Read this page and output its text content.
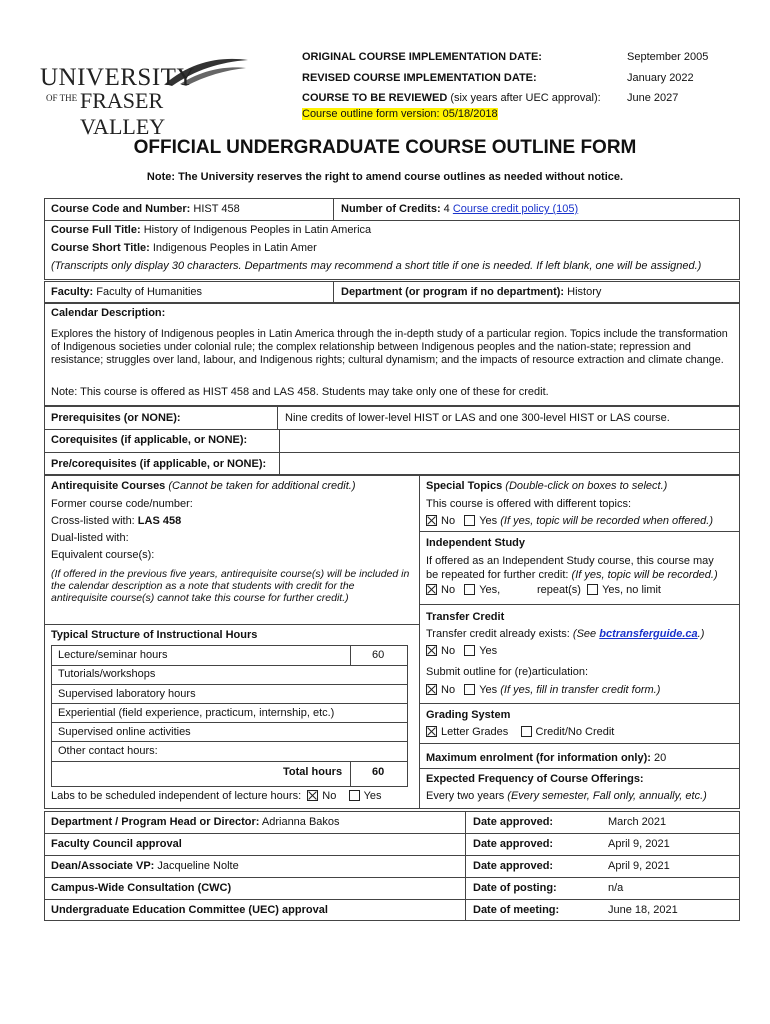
UNIVERSITY
OF THE FRASER VALLEY
ORIGINAL COURSE IMPLEMENTATION DATE:	September 2005
REVISED COURSE IMPLEMENTATION DATE:	January 2022
COURSE TO BE REVIEWED (six years after UEC approval): June 2027
Course outline form version: 05/18/2018
OFFICIAL UNDERGRADUATE COURSE OUTLINE FORM
Note: The University reserves the right to amend course outlines as needed without notice.
Course Code and Number: HIST 458	Number of Credits: 4 Course credit policy (105)
Course Full Title: History of Indigenous Peoples in Latin America
Course Short Title: Indigenous Peoples in Latin Amer
(Transcripts only display 30 characters. Departments may recommend a short title if one is needed. If left blank, one will be assigned.)
Faculty: Faculty of Humanities	Department (or program if no department): History
Calendar Description:
Explores the history of Indigenous peoples in Latin America through the in-depth study of a particular region. Topics include the transformation of Indigenous societies under colonial rule; the complex relationship between Indigenous peoples and the nation-state; repression and resistance; struggles over land, labour, and Indigenous rights; cultural dynamism; and the impacts of resource extraction and climate change.
Note: This course is offered as HIST 458 and LAS 458. Students may take only one of these for credit.
Prerequisites (or NONE):	Nine credits of lower-level HIST or LAS and one 300-level HIST or LAS course.
Corequisites (if applicable, or NONE):
Pre/corequisites (if applicable, or NONE):
Antirequisite Courses (Cannot be taken for additional credit.)
Former course code/number:
Cross-listed with: LAS 458
Dual-listed with:
Equivalent course(s):
(If offered in the previous five years, antirequisite course(s) will be included in the calendar description as a note that students with credit for the antirequisite course(s) cannot take this course for further credit.)
Typical Structure of Instructional Hours
Lecture/seminar hours	60
Tutorials/workshops
Supervised laboratory hours
Experiential (field experience, practicum, internship, etc.)
Supervised online activities
Other contact hours:
Total hours	60
Labs to be scheduled independent of lecture hours: No Yes
Special Topics (Double-click on boxes to select.)
This course is offered with different topics:
No Yes (If yes, topic will be recorded when offered.)
Independent Study
If offered as an Independent Study course, this course may
be repeated for further credit: (If yes, topic will be recorded.)
No Yes,	repeat(s) Yes, no limit
Transfer Credit
Transfer credit already exists: (See bctransferguide.ca.)
No Yes
Submit outline for (re)articulation:
No Yes (If yes, fill in transfer credit form.)
Grading System
Letter Grades Credit/No Credit
Maximum enrolment (for information only): 20
Expected Frequency of Course Offerings:
Every two years (Every semester, Fall only, annually, etc.)
Department / Program Head or Director: Adrianna Bakos	Date approved:	March 2021
Faculty Council approval	Date approved:	April 9, 2021
Dean/Associate VP: Jacqueline Nolte	Date approved:	April 9, 2021
Campus-Wide Consultation (CWC)	Date of posting:	n/a
Undergraduate Education Committee (UEC) approval	Date of meeting:	June 18, 2021
